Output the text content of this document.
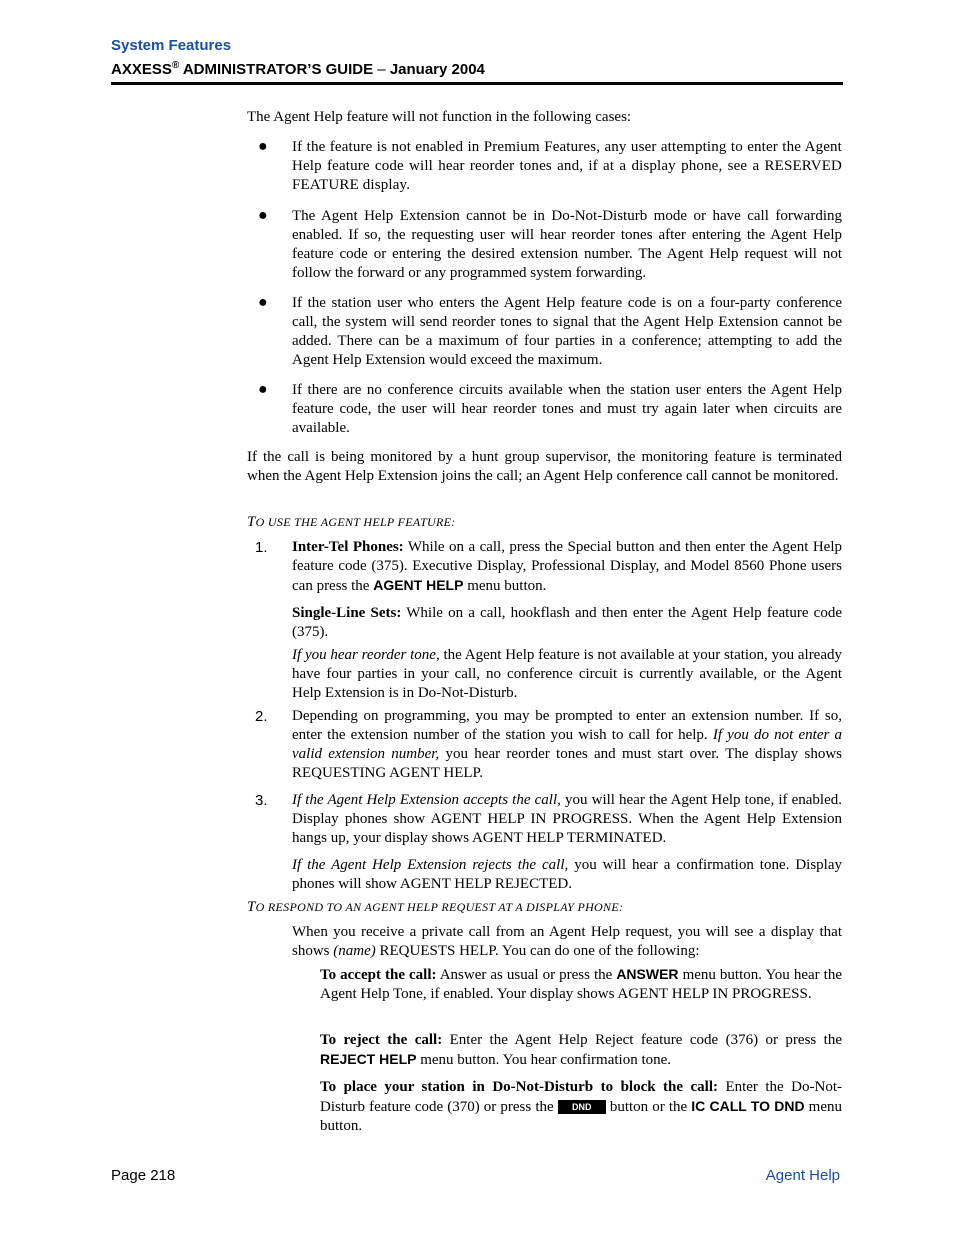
System Features
AXXESS® ADMINISTRATOR’S GUIDE – January 2004
The Agent Help feature will not function in the following cases:
● If the feature is not enabled in Premium Features, any user attempting to enter the Agent Help feature code will hear reorder tones and, if at a display phone, see a RESERVED FEATURE display.
● The Agent Help Extension cannot be in Do-Not-Disturb mode or have call forwarding enabled. If so, the requesting user will hear reorder tones after entering the Agent Help feature code or entering the desired extension number. The Agent Help request will not follow the forward or any programmed system forwarding.
● If the station user who enters the Agent Help feature code is on a four-party conference call, the system will send reorder tones to signal that the Agent Help Extension cannot be added. There can be a maximum of four parties in a conference; attempting to add the Agent Help Extension would exceed the maximum.
● If there are no conference circuits available when the station user enters the Agent Help feature code, the user will hear reorder tones and must try again later when circuits are available.
If the call is being monitored by a hunt group supervisor, the monitoring feature is terminated when the Agent Help Extension joins the call; an Agent Help conference call cannot be monitored.
TO USE THE AGENT HELP FEATURE:
1. Inter-Tel Phones: While on a call, press the Special button and then enter the Agent Help feature code (375). Executive Display, Professional Display, and Model 8560 Phone users can press the AGENT HELP menu button.
Single-Line Sets: While on a call, hookflash and then enter the Agent Help feature code (375).
If you hear reorder tone, the Agent Help feature is not available at your station, you already have four parties in your call, no conference circuit is currently available, or the Agent Help Extension is in Do-Not-Disturb.
2. Depending on programming, you may be prompted to enter an extension number. If so, enter the extension number of the station you wish to call for help. If you do not enter a valid extension number, you hear reorder tones and must start over. The display shows REQUESTING AGENT HELP.
3. If the Agent Help Extension accepts the call, you will hear the Agent Help tone, if enabled. Display phones show AGENT HELP IN PROGRESS. When the Agent Help Extension hangs up, your display shows AGENT HELP TERMINATED.
If the Agent Help Extension rejects the call, you will hear a confirmation tone. Display phones will show AGENT HELP REJECTED.
TO RESPOND TO AN AGENT HELP REQUEST AT A DISPLAY PHONE:
When you receive a private call from an Agent Help request, you will see a display that shows (name) REQUESTS HELP. You can do one of the following:
To accept the call: Answer as usual or press the ANSWER menu button. You hear the Agent Help Tone, if enabled. Your display shows AGENT HELP IN PROGRESS.
To reject the call: Enter the Agent Help Reject feature code (376) or press the REJECT HELP menu button. You hear confirmation tone.
To place your station in Do-Not-Disturb to block the call: Enter the Do-Not-Disturb feature code (370) or press the DND button or the IC CALL TO DND menu button.
Page 218	Agent Help
